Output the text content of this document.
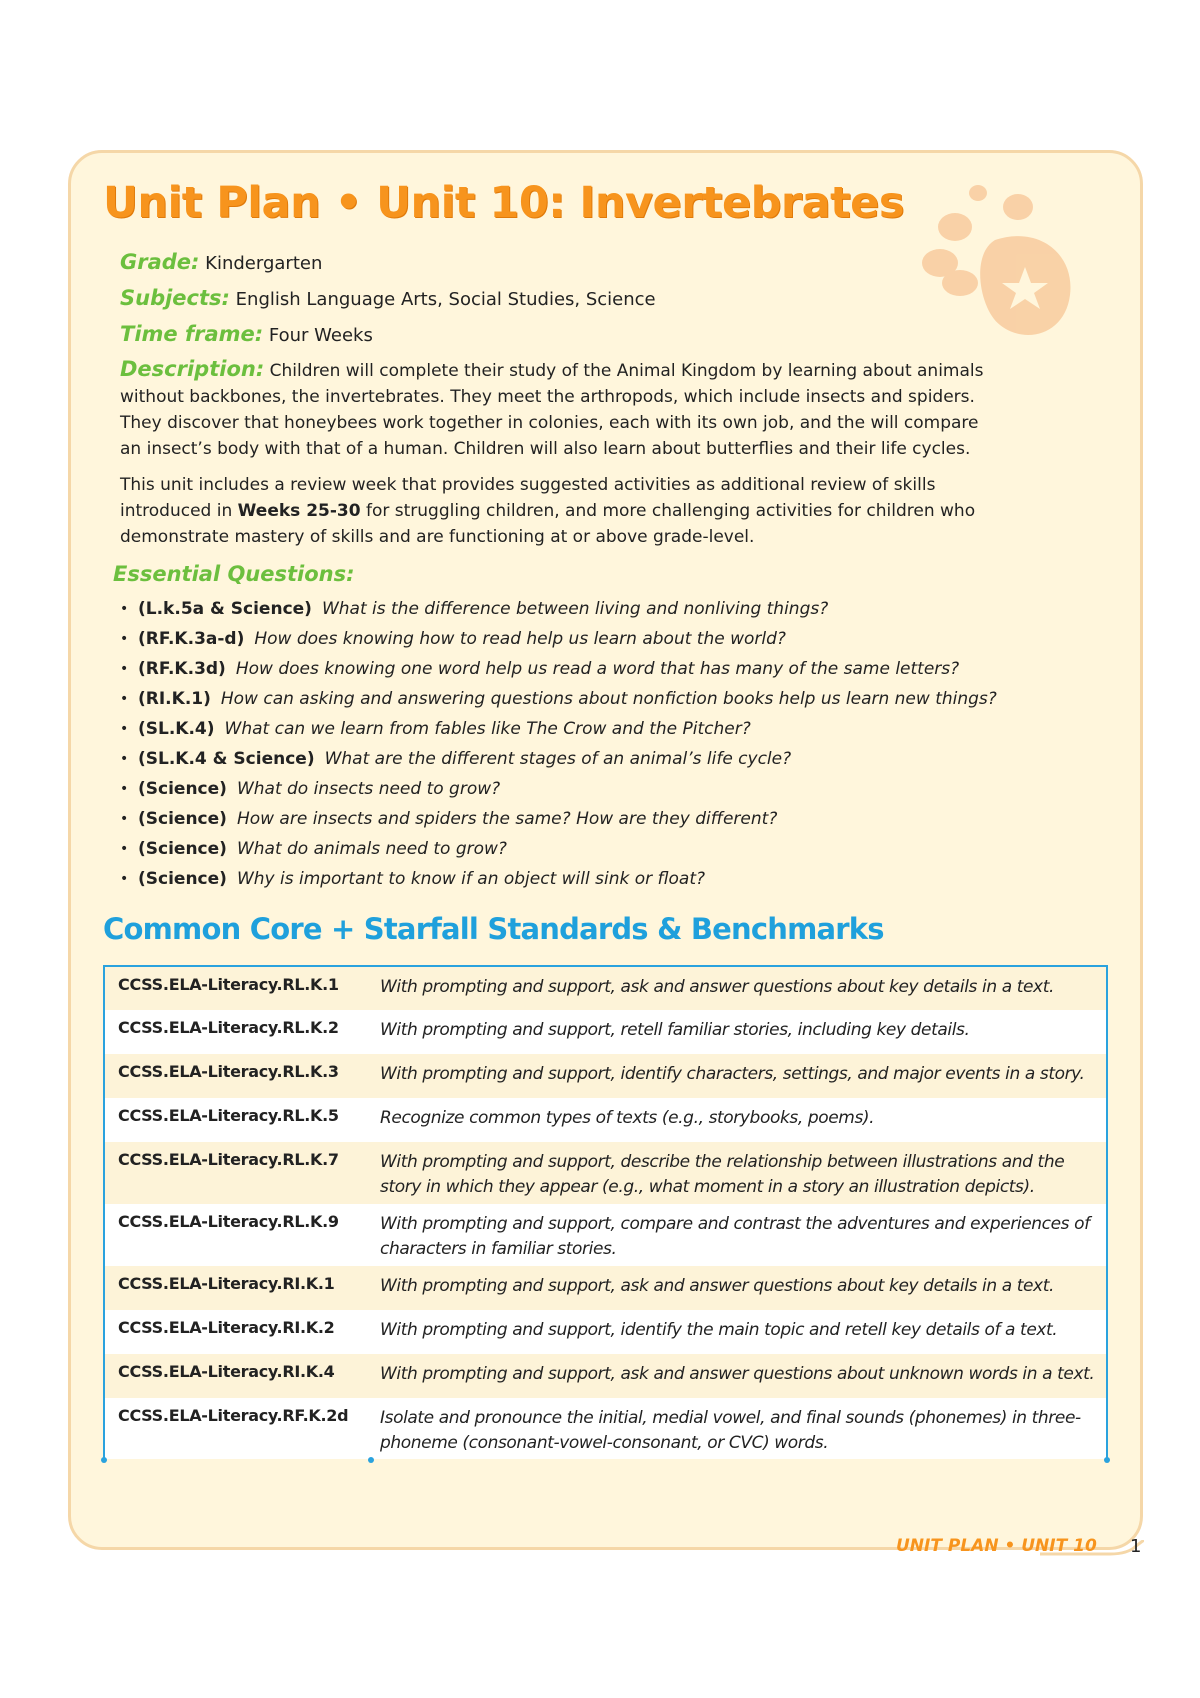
Unit Plan • Unit 10: Invertebrates
Grade: Kindergarten
Subjects: English Language Arts, Social Studies, Science
Time frame: Four Weeks

Description: Children will complete their study of the Animal Kingdom by learning about animals without backbones, the invertebrates. They meet the arthropods, which include insects and spiders. They discover that honeybees work together in colonies, each with its own job, and the will compare an insect’s body with that of a human. Children will also learn about butterflies and their life cycles.

This unit includes a review week that provides suggested activities as additional review of skills introduced in Weeks 25-30 for struggling children, and more challenging activities for children who demonstrate mastery of skills and are functioning at or above grade-level.

Essential Questions:
• (L.k.5a & Science) What is the difference between living and nonliving things?
• (RF.K.3a-d) How does knowing how to read help us learn about the world?
• (RF.K.3d) How does knowing one word help us read a word that has many of the same letters?
• (RI.K.1) How can asking and answering questions about nonfiction books help us learn new things?
• (SL.K.4) What can we learn from fables like The Crow and the Pitcher?
• (SL.K.4 & Science) What are the different stages of an animal’s life cycle?
• (Science) What do insects need to grow?
• (Science) How are insects and spiders the same? How are they different?
• (Science) What do animals need to grow?
• (Science) Why is important to know if an object will sink or float?
Common Core + Starfall Standards & Benchmarks
CCSS.ELA-Literacy.RL.K.1	With prompting and support, ask and answer questions about key details in a text.
CCSS.ELA-Literacy.RL.K.2	With prompting and support, retell familiar stories, including key details.
CCSS.ELA-Literacy.RL.K.3	With prompting and support, identify characters, settings, and major events in a story.
CCSS.ELA-Literacy.RL.K.5	Recognize common types of texts (e.g., storybooks, poems).
CCSS.ELA-Literacy.RL.K.7	With prompting and support, describe the relationship between illustrations and the story in which they appear (e.g., what moment in a story an illustration depicts).
CCSS.ELA-Literacy.RL.K.9	With prompting and support, compare and contrast the adventures and experiences of characters in familiar stories.
CCSS.ELA-Literacy.RI.K.1	With prompting and support, ask and answer questions about key details in a text.
CCSS.ELA-Literacy.RI.K.2	With prompting and support, identify the main topic and retell key details of a text.
CCSS.ELA-Literacy.RI.K.4	With prompting and support, ask and answer questions about unknown words in a text.
CCSS.ELA-Literacy.RF.K.2d	Isolate and pronounce the initial, medial vowel, and final sounds (phonemes) in three-phoneme (consonant-vowel-consonant, or CVC) words.
UNIT PLAN • UNIT 10 1
